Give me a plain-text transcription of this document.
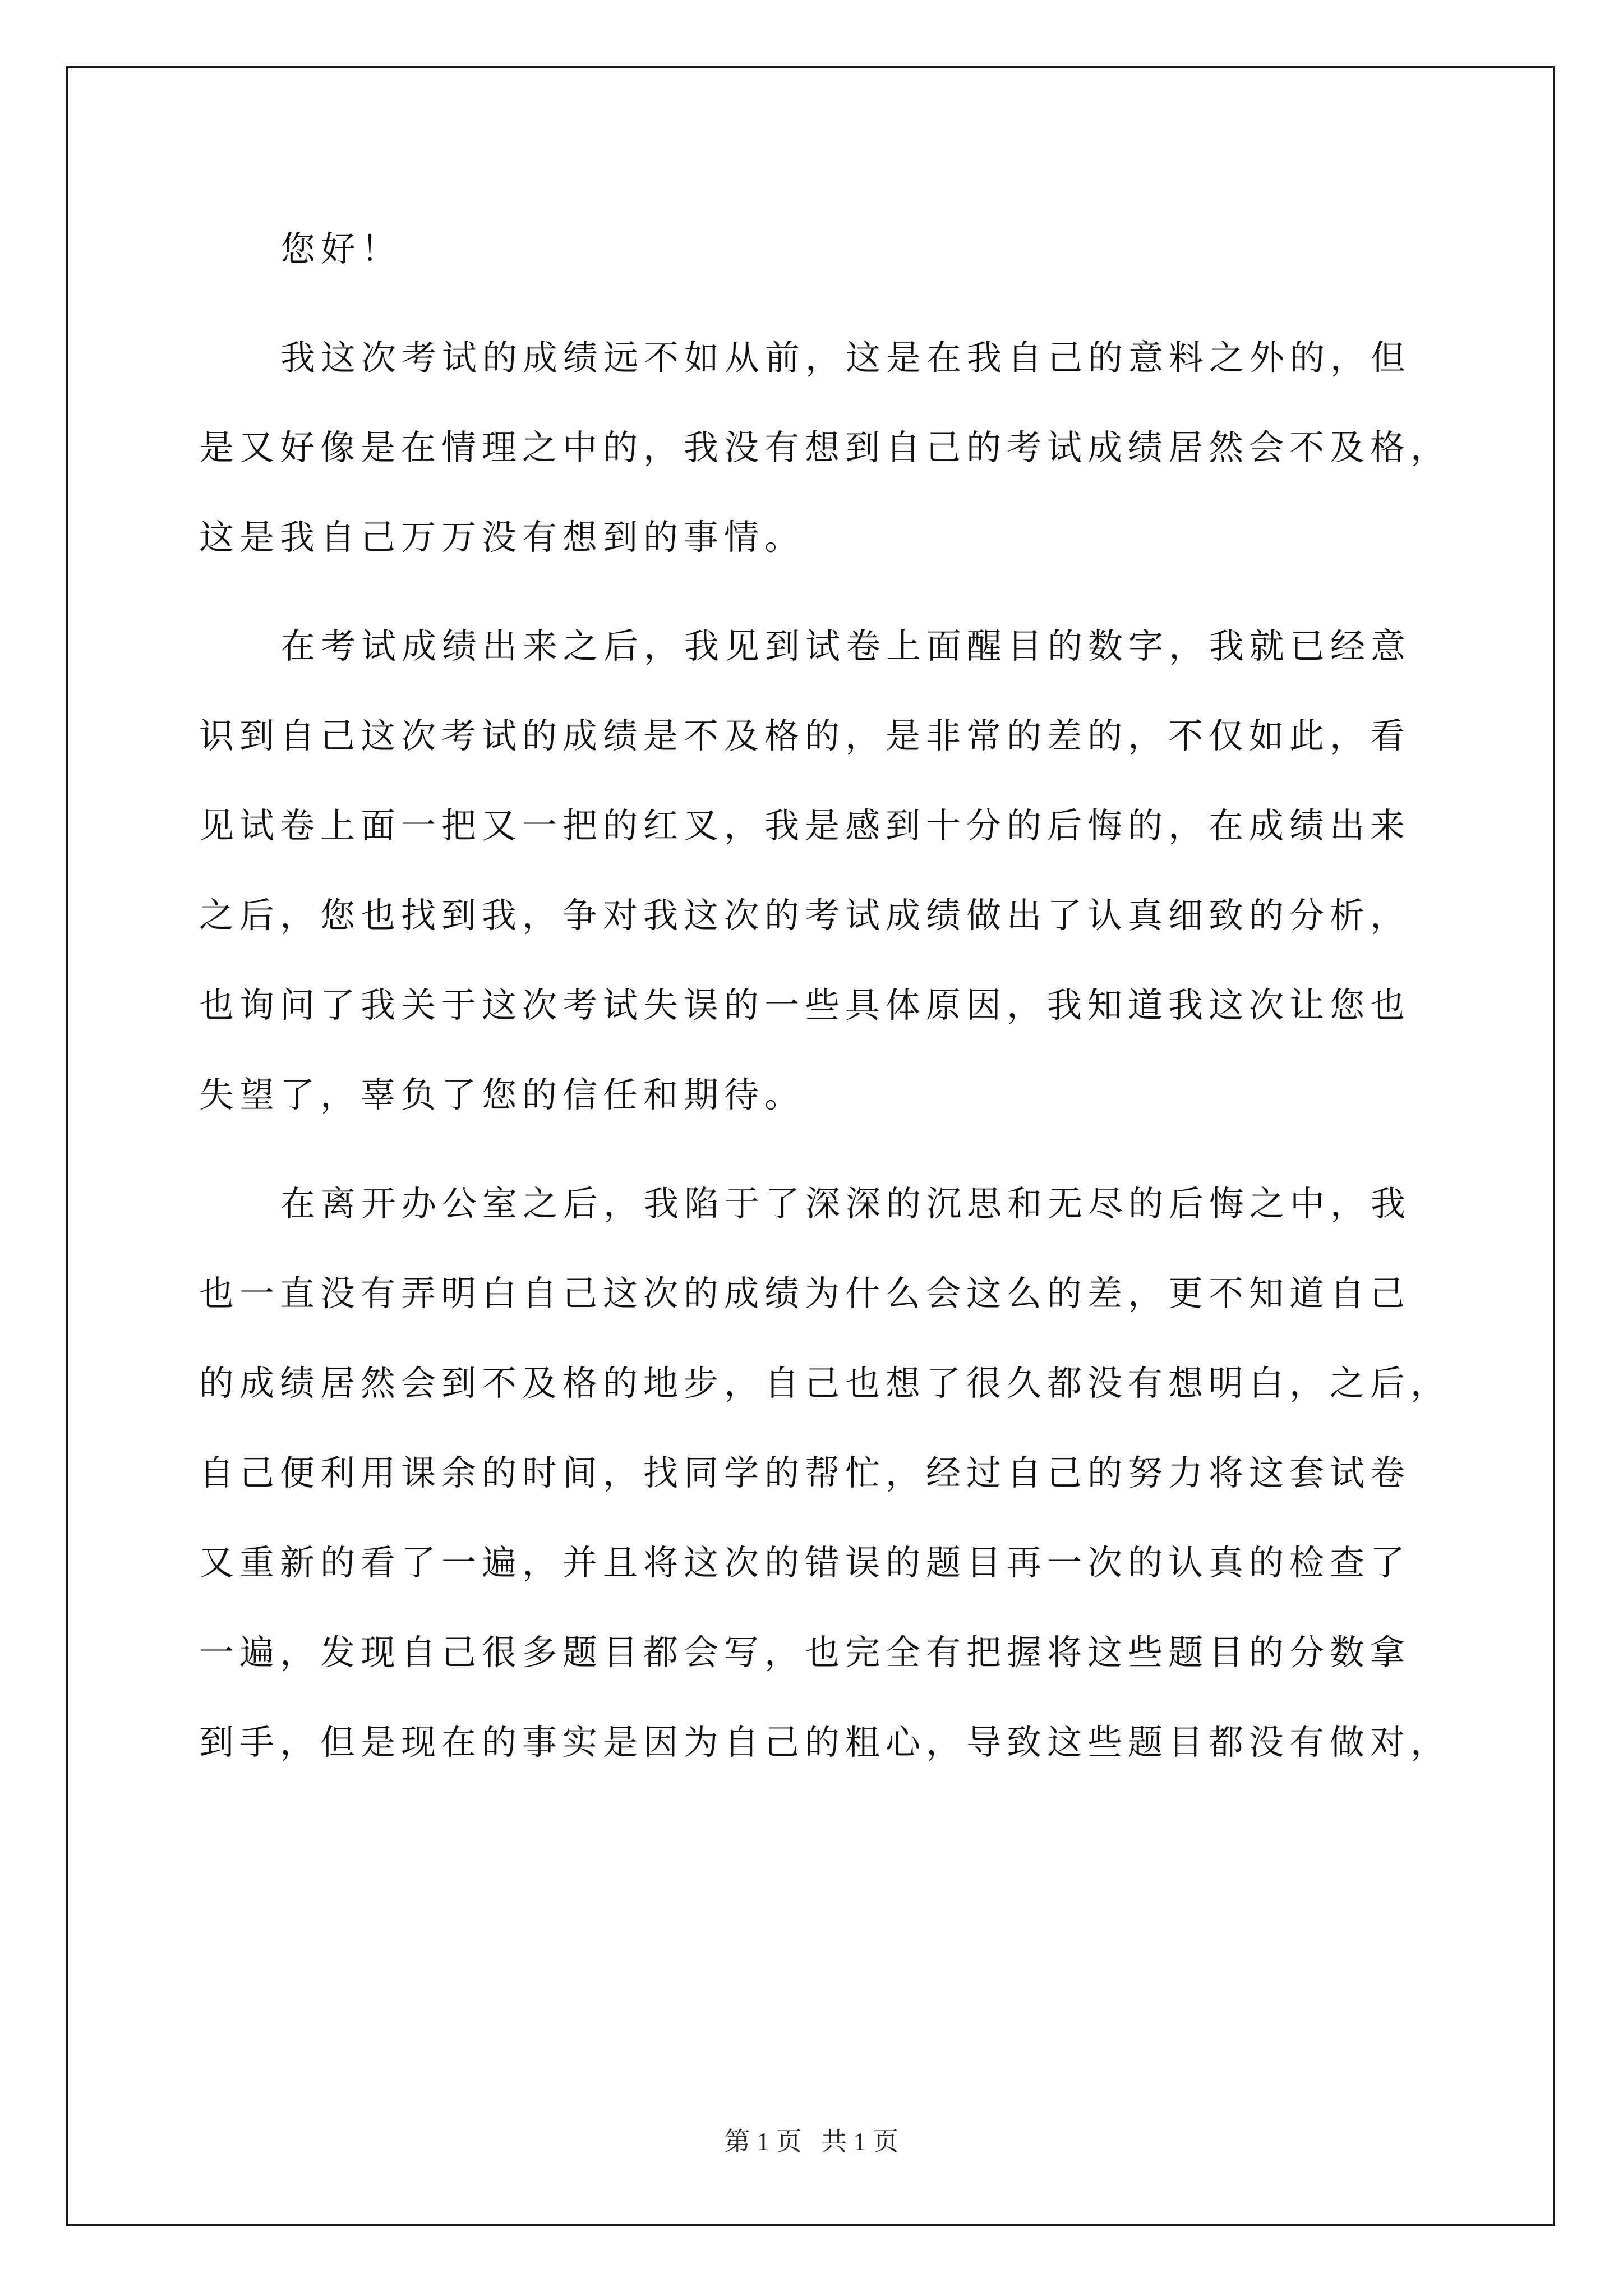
您好！
我这次考试的成绩远不如从前，这是在我自己的意料之外的，但
是又好像是在情理之中的，我没有想到自己的考试成绩居然会不及格，
这是我自己万万没有想到的事情。
在考试成绩出来之后，我见到试卷上面醒目的数字，我就已经意
识到自己这次考试的成绩是不及格的，是非常的差的，不仅如此，看
见试卷上面一把又一把的红叉，我是感到十分的后悔的，在成绩出来
之后，您也找到我，争对我这次的考试成绩做出了认真细致的分析，
也询问了我关于这次考试失误的一些具体原因，我知道我这次让您也
失望了，辜负了您的信任和期待。
在离开办公室之后，我陷于了深深的沉思和无尽的后悔之中，我
也一直没有弄明白自己这次的成绩为什么会这么的差，更不知道自己
的成绩居然会到不及格的地步，自己也想了很久都没有想明白，之后，
自己便利用课余的时间，找同学的帮忙，经过自己的努力将这套试卷
又重新的看了一遍，并且将这次的错误的题目再一次的认真的检查了
一遍，发现自己很多题目都会写，也完全有把握将这些题目的分数拿
到手，但是现在的事实是因为自己的粗心，导致这些题目都没有做对，
第 1 页   共 1 页
